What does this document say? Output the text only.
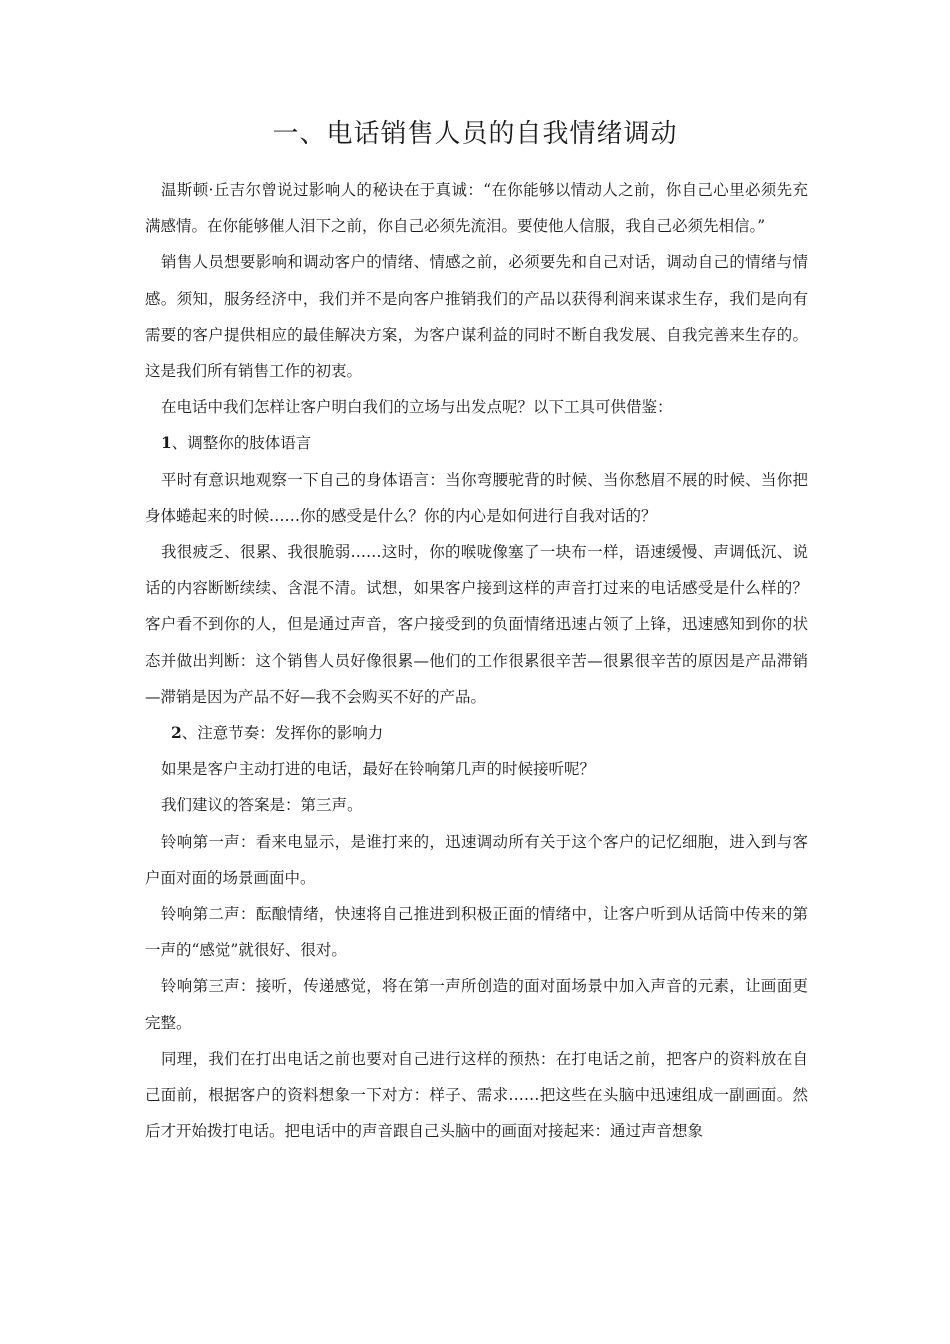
一、电话销售人员的自我情绪调动

温斯顿·丘吉尔曾说过影响人的秘诀在于真诚：“在你能够以情动人之前，你自己心里必须先充满感情。在你能够催人泪下之前，你自己必须先流泪。要使他人信服，我自己必须先相信。”

销售人员想要影响和调动客户的情绪、情感之前，必须要先和自己对话，调动自己的情绪与情感。须知，服务经济中，我们并不是向客户推销我们的产品以获得利润来谋求生存，我们是向有需要的客户提供相应的最佳解决方案，为客户谋利益的同时不断自我发展、自我完善来生存的。这是我们所有销售工作的初衷。

在电话中我们怎样让客户明白我们的立场与出发点呢？以下工具可供借鉴：

1、调整你的肢体语言

平时有意识地观察一下自己的身体语言：当你弯腰驼背的时候、当你愁眉不展的时候、当你把身体蜷起来的时候……你的感受是什么？你的内心是如何进行自我对话的？

我很疲乏、很累、我很脆弱……这时，你的喉咙像塞了一块布一样，语速缓慢、声调低沉、说话的内容断断续续、含混不清。试想，如果客户接到这样的声音打过来的电话感受是什么样的？客户看不到你的人，但是通过声音，客户接受到的负面情绪迅速占领了上锋，迅速感知到你的状态并做出判断：这个销售人员好像很累—他们的工作很累很辛苦—很累很辛苦的原因是产品滞销—滞销是因为产品不好—我不会购买不好的产品。

2、注意节奏：发挥你的影响力

如果是客户主动打进的电话，最好在铃响第几声的时候接听呢？

我们建议的答案是：第三声。

铃响第一声：看来电显示，是谁打来的，迅速调动所有关于这个客户的记忆细胞，进入到与客户面对面的场景画面中。

铃响第二声：酝酿情绪，快速将自己推进到积极正面的情绪中，让客户听到从话筒中传来的第一声的“感觉”就很好、很对。

铃响第三声：接听，传递感觉，将在第一声所创造的面对面场景中加入声音的元素，让画面更完整。

同理，我们在打出电话之前也要对自己进行这样的预热：在打电话之前，把客户的资料放在自己面前，根据客户的资料想象一下对方：样子、需求……把这些在头脑中迅速组成一副画面。然后才开始拨打电话。把电话中的声音跟自己头脑中的画面对接起来：通过声音想象
